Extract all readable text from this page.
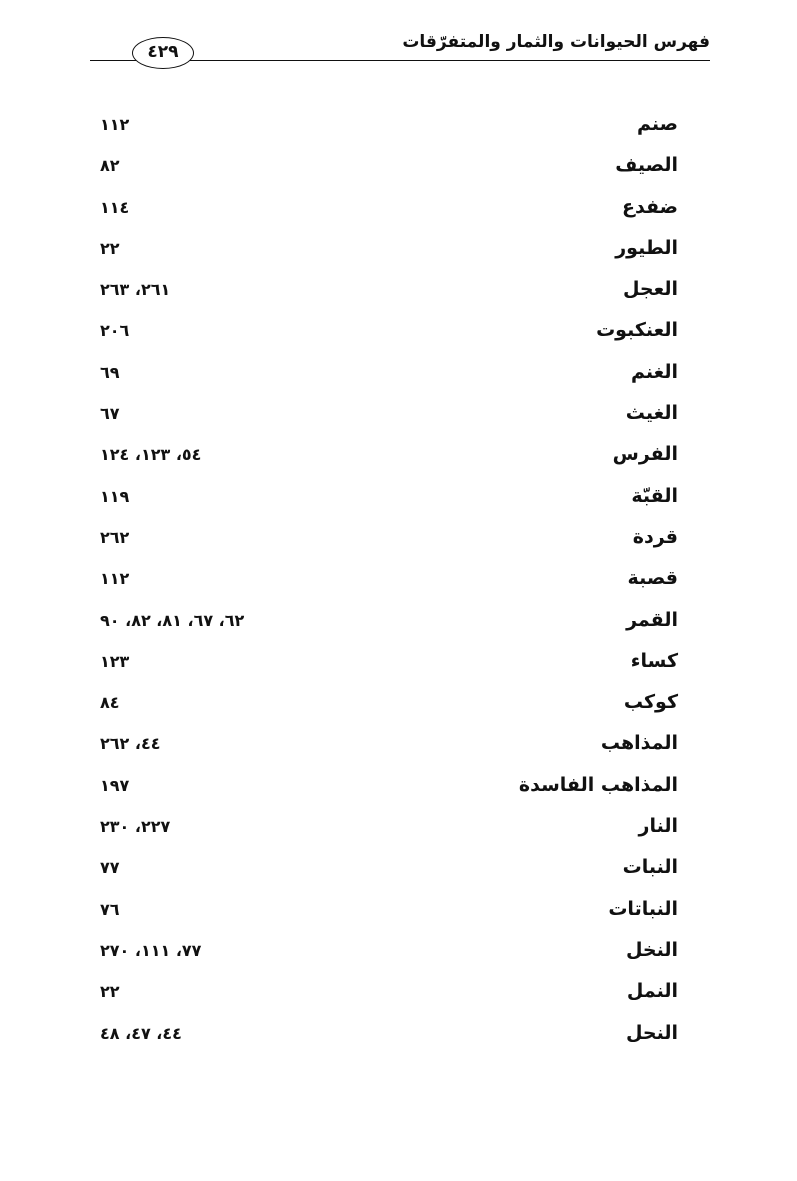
فهرس الحيوانات والثمار والمتفرّقات
٤٢٩
صنم
١١٢
الصيف
٨٢
ضفدع
١١٤
الطيور
٢٢
العجل
٢٦١، ٢٦٣
العنكبوت
٢٠٦
الغنم
٦٩
الغيث
٦٧
الفرس
٥٤، ١٢٣، ١٢٤
القبّة
١١٩
قردة
٢٦٢
قصبة
١١٢
القمر
٦٢، ٦٧، ٨١، ٨٢، ٩٠
كساء
١٢٣
كوكب
٨٤
المذاهب
٤٤، ٢٦٢
المذاهب الفاسدة
١٩٧
النار
٢٢٧، ٢٣٠
النبات
٧٧
النباتات
٧٦
النخل
٧٧، ١١١، ٢٧٠
النمل
٢٢
النحل
٤٤، ٤٧، ٤٨
